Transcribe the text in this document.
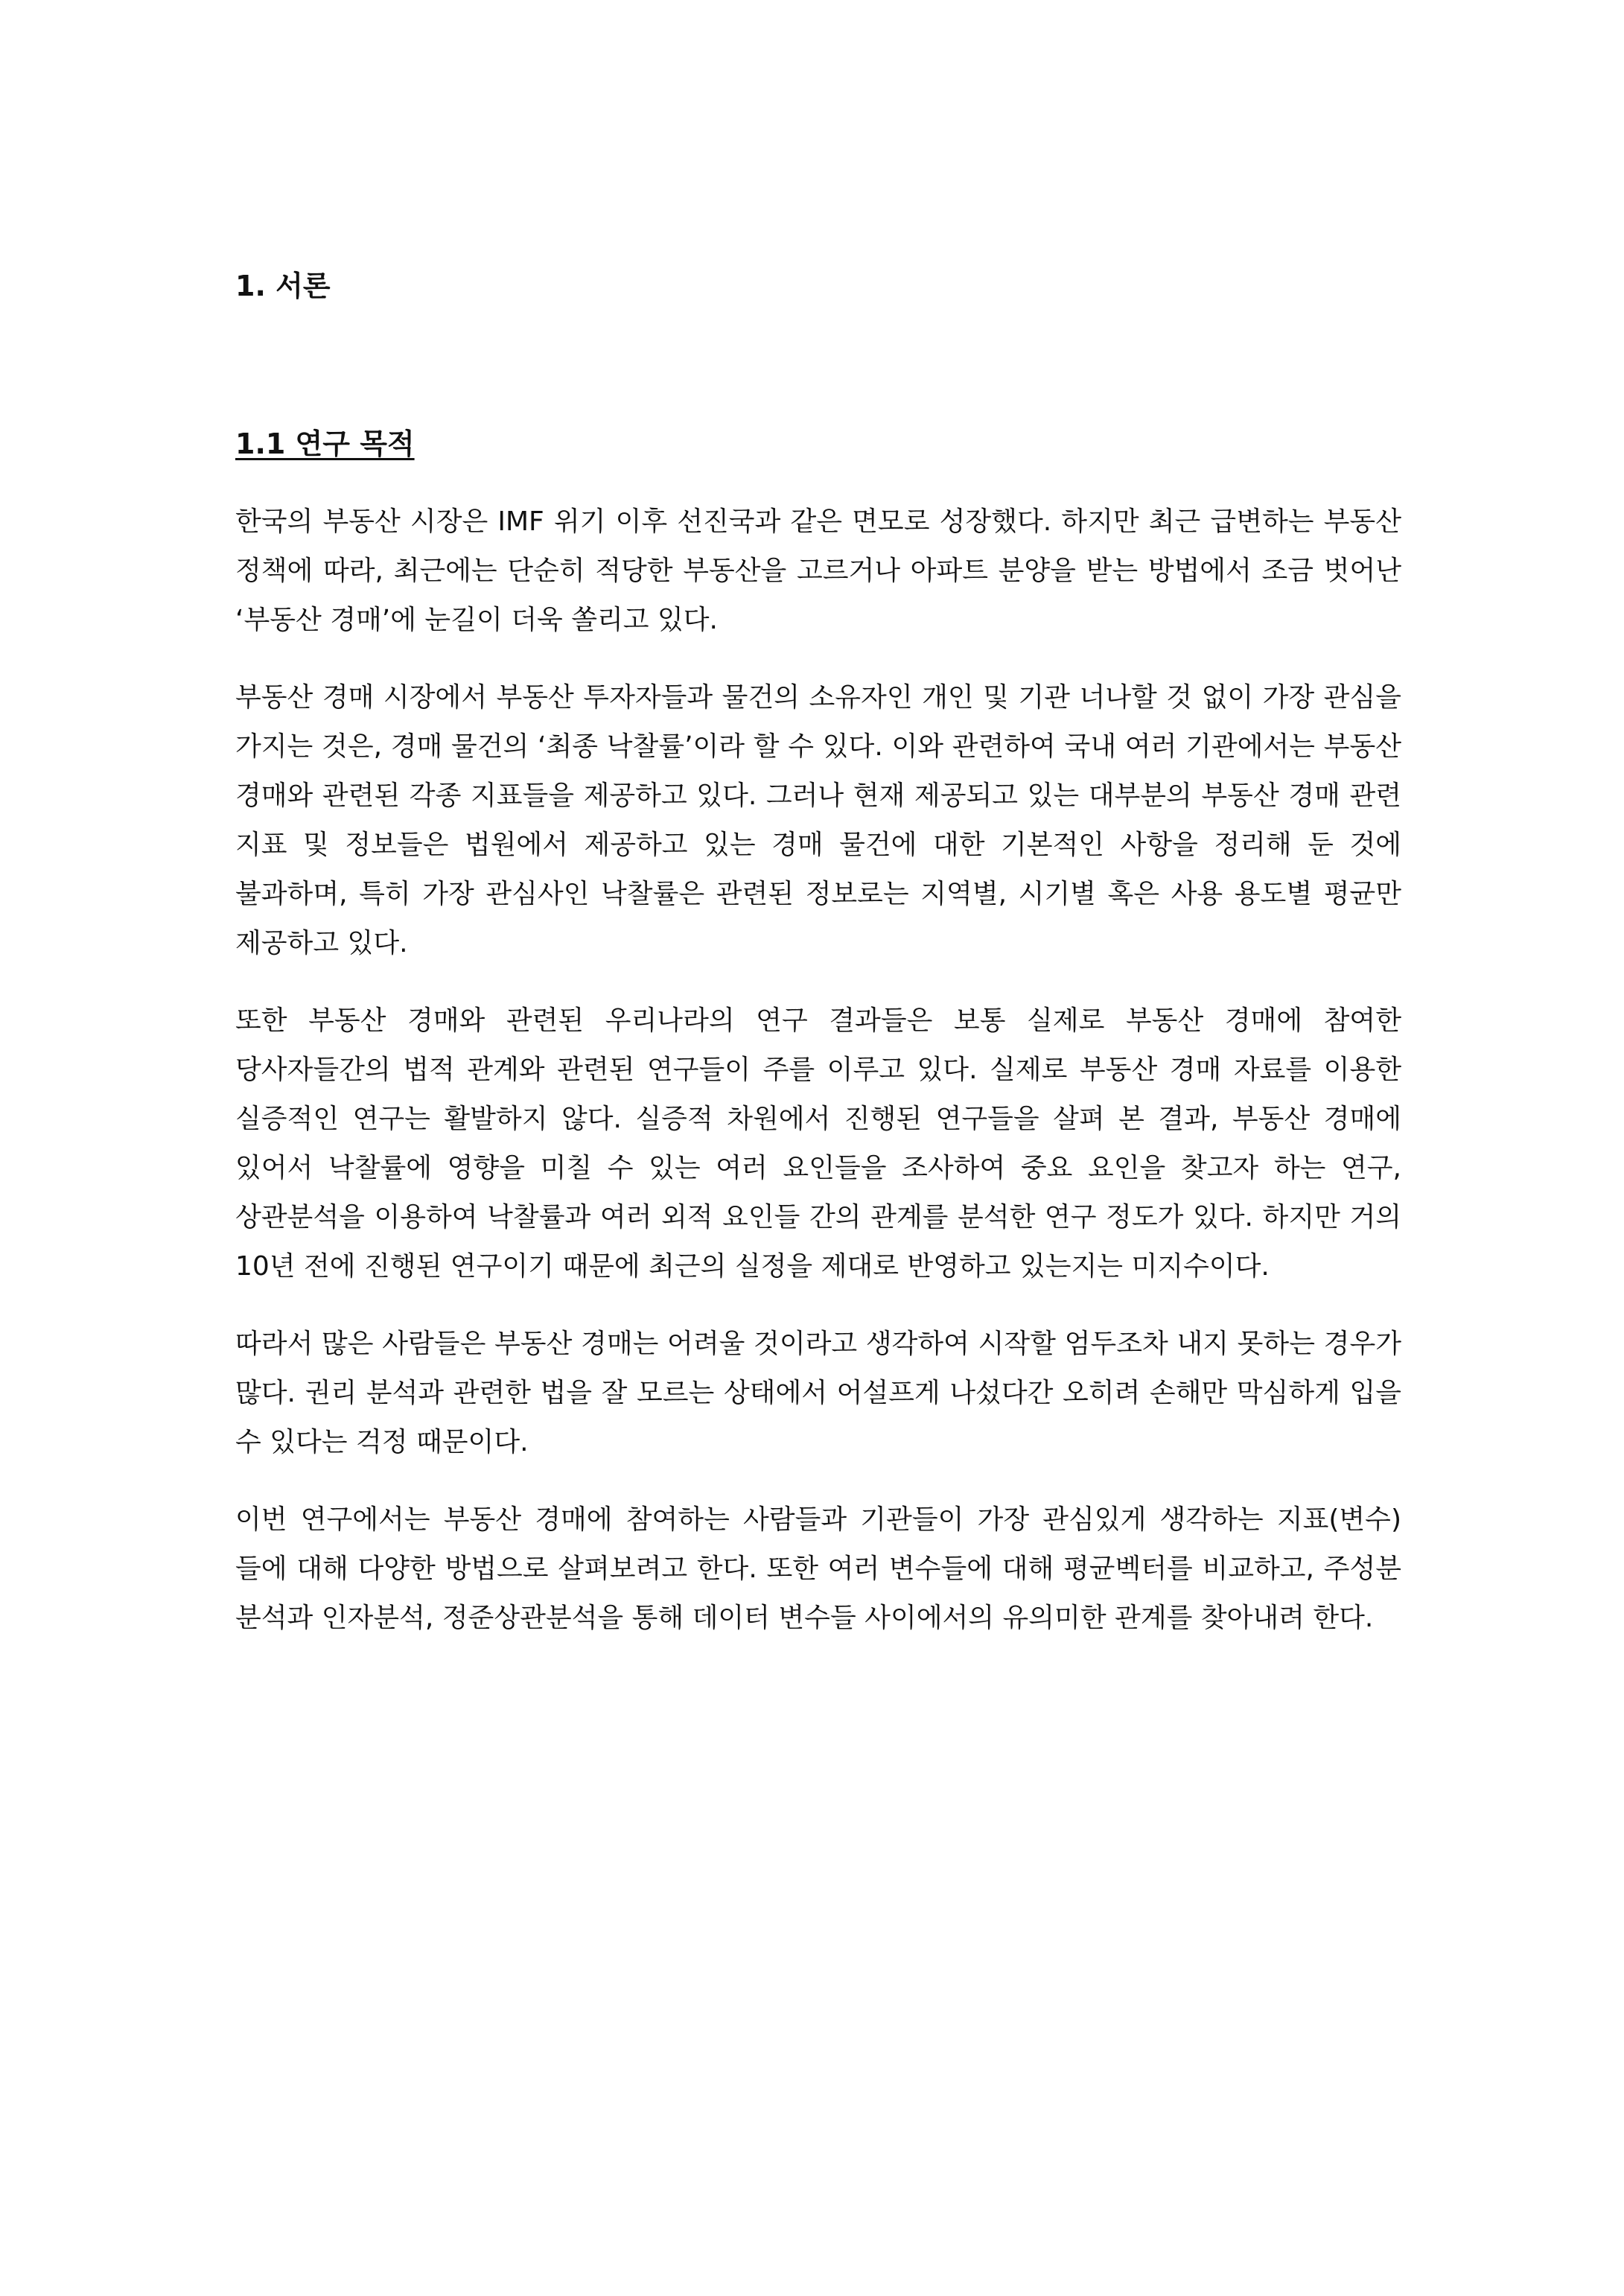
1. 서론
1.1 연구 목적

한국의 부동산 시장은 IMF 위기 이후 선진국과 같은 면모로 성장했다. 하지만 최근 급변하는 부동산 정책에 따라, 최근에는 단순히 적당한 부동산을 고르거나 아파트 분양을 받는 방법에서 조금 벗어난 ‘부동산 경매’에 눈길이 더욱 쏠리고 있다.

부동산 경매 시장에서 부동산 투자자들과 물건의 소유자인 개인 및 기관 너나할 것 없이 가장 관심을 가지는 것은, 경매 물건의 ‘최종 낙찰률’이라 할 수 있다. 이와 관련하여 국내 여러 기관에서는 부동산 경매와 관련된 각종 지표들을 제공하고 있다. 그러나 현재 제공되고 있는 대부분의 부동산 경매 관련 지표 및 정보들은 법원에서 제공하고 있는 경매 물건에 대한 기본적인 사항을 정리해 둔 것에 불과하며, 특히 가장 관심사인 낙찰률은 관련된 정보로는 지역별, 시기별 혹은 사용 용도별 평균만 제공하고 있다.

또한 부동산 경매와 관련된 우리나라의 연구 결과들은 보통 실제로 부동산 경매에 참여한 당사자들간의 법적 관계와 관련된 연구들이 주를 이루고 있다. 실제로 부동산 경매 자료를 이용한 실증적인 연구는 활발하지 않다. 실증적 차원에서 진행된 연구들을 살펴 본 결과, 부동산 경매에 있어서 낙찰률에 영향을 미칠 수 있는 여러 요인들을 조사하여 중요 요인을 찾고자 하는 연구, 상관분석을 이용하여 낙찰률과 여러 외적 요인들 간의 관계를 분석한 연구 정도가 있다. 하지만 거의 10년 전에 진행된 연구이기 때문에 최근의 실정을 제대로 반영하고 있는지는 미지수이다.

따라서 많은 사람들은 부동산 경매는 어려울 것이라고 생각하여 시작할 엄두조차 내지 못하는 경우가 많다. 권리 분석과 관련한 법을 잘 모르는 상태에서 어설프게 나섰다간 오히려 손해만 막심하게 입을 수 있다는 걱정 때문이다.

이번 연구에서는 부동산 경매에 참여하는 사람들과 기관들이 가장 관심있게 생각하는 지표(변수)들에 대해 다양한 방법으로 살펴보려고 한다. 또한 여러 변수들에 대해 평균벡터를 비교하고, 주성분 분석과 인자분석, 정준상관분석을 통해 데이터 변수들 사이에서의 유의미한 관계를 찾아내려 한다.
